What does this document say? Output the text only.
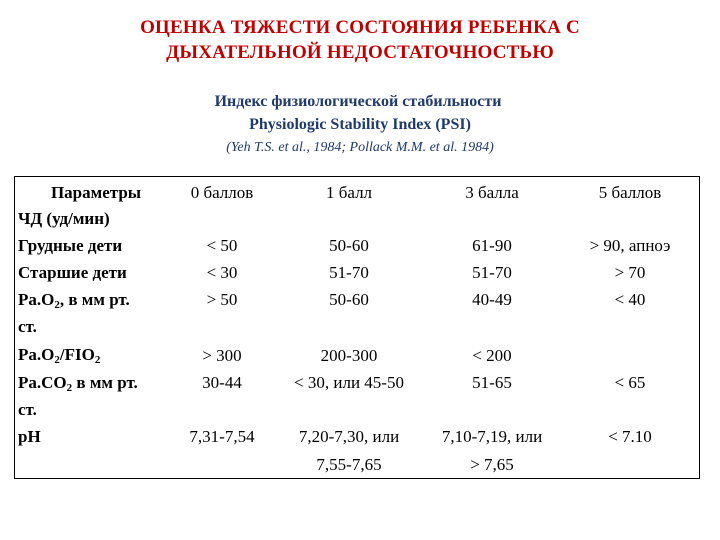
ОЦЕНКА ТЯЖЕСТИ СОСТОЯНИЯ РЕБЕНКА С
ДЫХАТЕЛЬНОЙ НЕДОСТАТОЧНОСТЬЮ
Индекс физиологической стабильности
Physiologic Stability Index (PSI)
(Yeh T.S. et al., 1984; Pollack M.M. et al. 1984)
Параметры
ЧД (уд/мин)
Грудные дети
Старшие дети
$Pa.O_2$, в мм рт.
ст.
$Pa.O_2/FIO_2$
$Pa.CO_2$ в мм рт.
ст.
pH
0 баллов
< 50
< 30
> 50
> 300
30-44
7,31-7,54
1 балл
50-60
51-70
50-60
200-300
< 30, или 45-50
7,20-7,30, или
7,55-7,65
3 балла
61-90
51-70
40-49
< 200
51-65
7,10-7,19, или
> 7,65
5 баллов
> 90, апноэ
> 70
< 40
< 65
< 7.10
